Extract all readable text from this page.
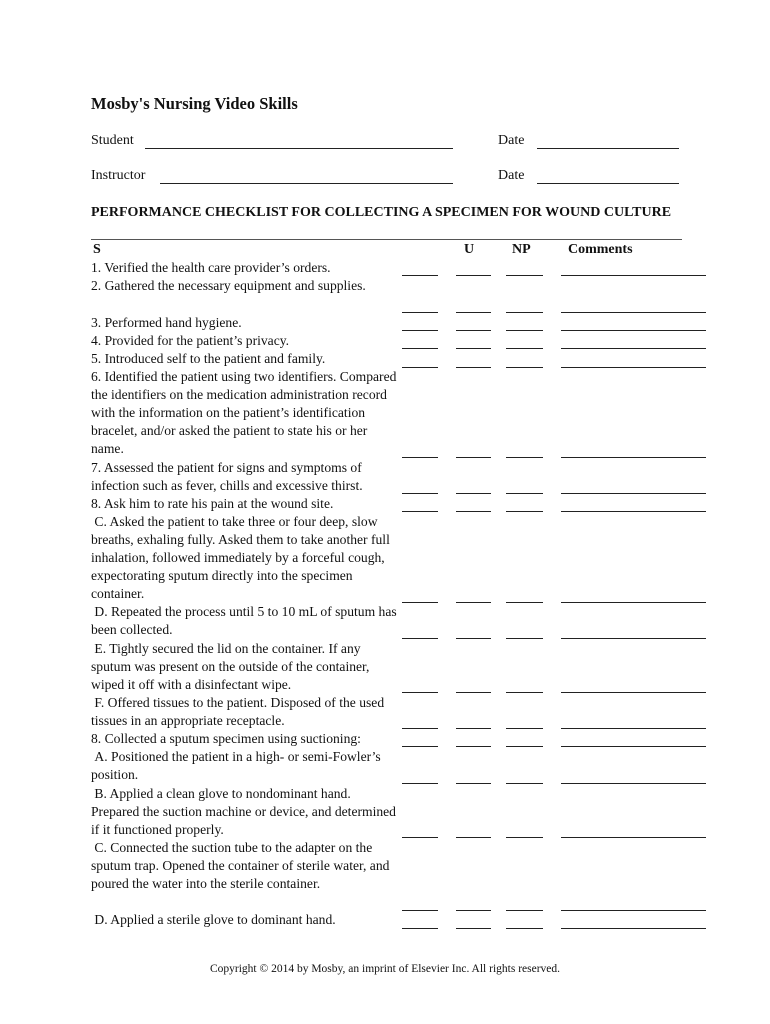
Mosby's Nursing Video Skills
Student	Date
Instructor	Date
PERFORMANCE CHECKLIST FOR COLLECTING A SPECIMEN FOR WOUND CULTURE
S	U	NP	Comments
1. Verified the health care provider’s orders.
2. Gathered the necessary equipment and supplies.
3. Performed hand hygiene.
4. Provided for the patient’s privacy.
5. Introduced self to the patient and family.
6. Identified the patient using two identifiers. Compared the identifiers on the medication administration record with the information on the patient’s identification bracelet, and/or asked the patient to state his or her name.
7. Assessed the patient for signs and symptoms of infection such as fever, chills and excessive thirst.
8. Ask him to rate his pain at the wound site.
C. Asked the patient to take three or four deep, slow breaths, exhaling fully. Asked them to take another full inhalation, followed immediately by a forceful cough, expectorating sputum directly into the specimen container.
D. Repeated the process until 5 to 10 mL of sputum has been collected.
E. Tightly secured the lid on the container. If any sputum was present on the outside of the container, wiped it off with a disinfectant wipe.
F. Offered tissues to the patient. Disposed of the used tissues in an appropriate receptacle.
8. Collected a sputum specimen using suctioning:
A. Positioned the patient in a high- or semi-Fowler’s position.
B. Applied a clean glove to nondominant hand. Prepared the suction machine or device, and determined if it functioned properly.
C. Connected the suction tube to the adapter on the sputum trap. Opened the container of sterile water, and poured the water into the sterile container.
D. Applied a sterile glove to dominant hand.
Copyright © 2014 by Mosby, an imprint of Elsevier Inc. All rights reserved.
